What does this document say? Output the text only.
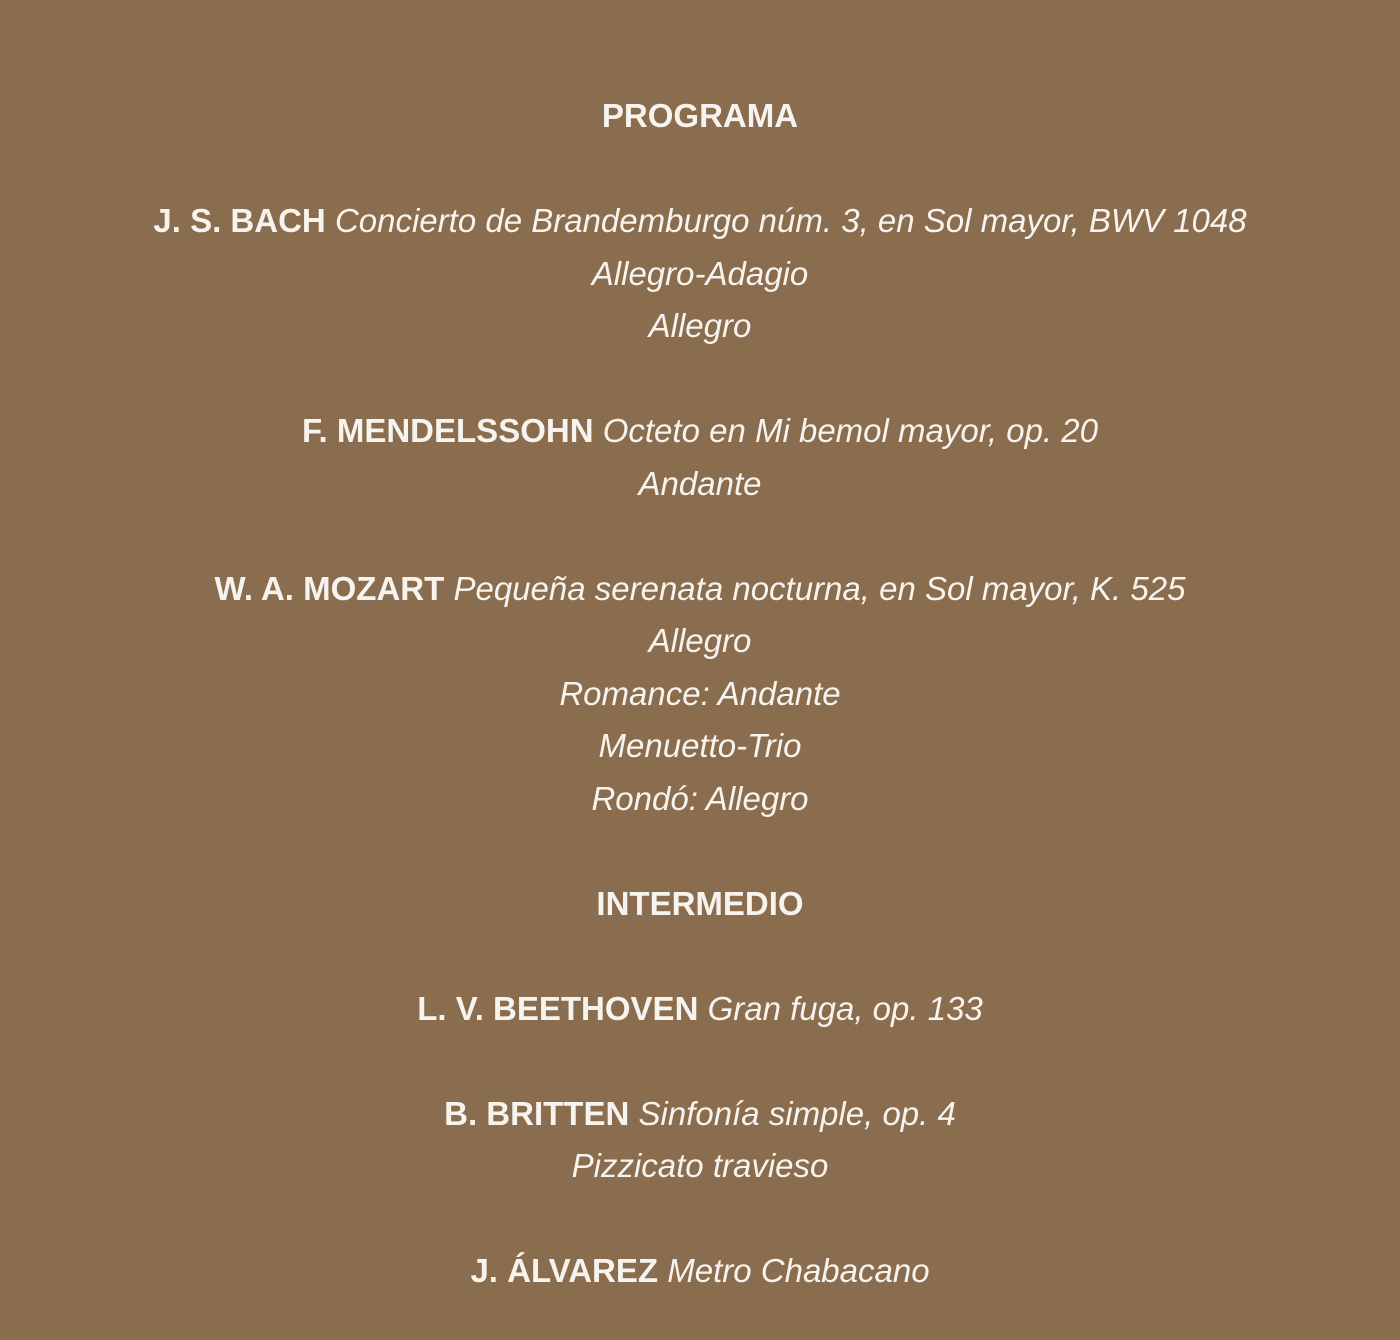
PROGRAMA
J. S. BACH Concierto de Brandemburgo núm. 3, en Sol mayor, BWV 1048
Allegro-Adagio
Allegro
F. MENDELSSOHN Octeto en Mi bemol mayor, op. 20
Andante
W. A. MOZART Pequeña serenata nocturna, en Sol mayor, K. 525
Allegro
Romance: Andante
Menuetto-Trio
Rondó: Allegro
INTERMEDIO
L. V. BEETHOVEN Gran fuga, op. 133
B. BRITTEN Sinfonía simple, op. 4
Pizzicato travieso
J. ÁLVAREZ Metro Chabacano
